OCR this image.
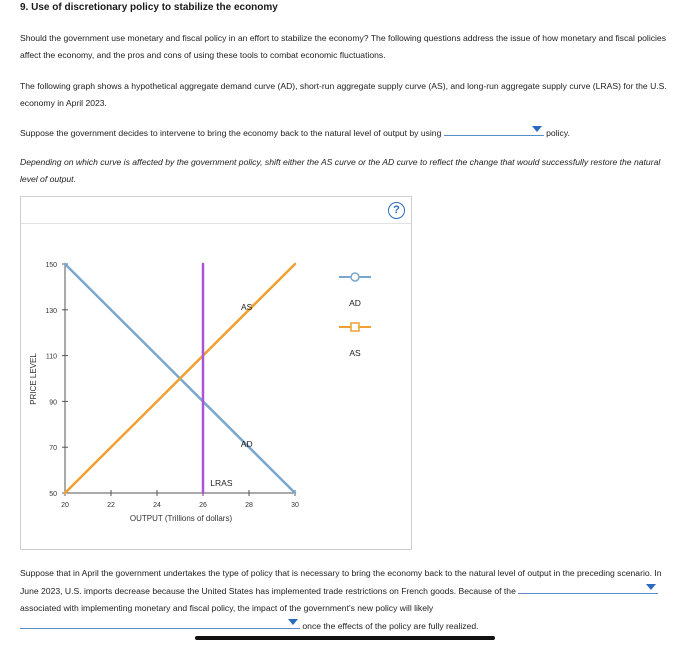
9. Use of discretionary policy to stabilize the economy
Should the government use monetary and fiscal policy in an effort to stabilize the economy? The following questions address the issue of how monetary and fiscal policies affect the economy, and the pros and cons of using these tools to combat economic fluctuations.
The following graph shows a hypothetical aggregate demand curve (AD), short-run aggregate supply curve (AS), and long-run aggregate supply curve (LRAS) for the U.S. economy in April 2023.
Suppose the government decides to intervene to bring the economy back to the natural level of output by using	policy.
Depending on which curve is affected by the government policy, shift either the AS curve or the AD curve to reflect the change that would successfully restore the natural level of output.
?
PRICE LEVEL
OUTPUT (Trillions of dollars)
50
70
90
110
130
150
20	22	24	26	28	30
AS
AD
LRAS
AD
AS
Suppose that in April the government undertakes the type of policy that is necessary to bring the economy back to the natural level of output in the preceding scenario. In June 2023, U.S. imports decrease because the United States has implemented trade restrictions on French goods. Because of the
associated with implementing monetary and fiscal policy, the impact of the government's new policy will likely

once the effects of the policy are fully realized.
